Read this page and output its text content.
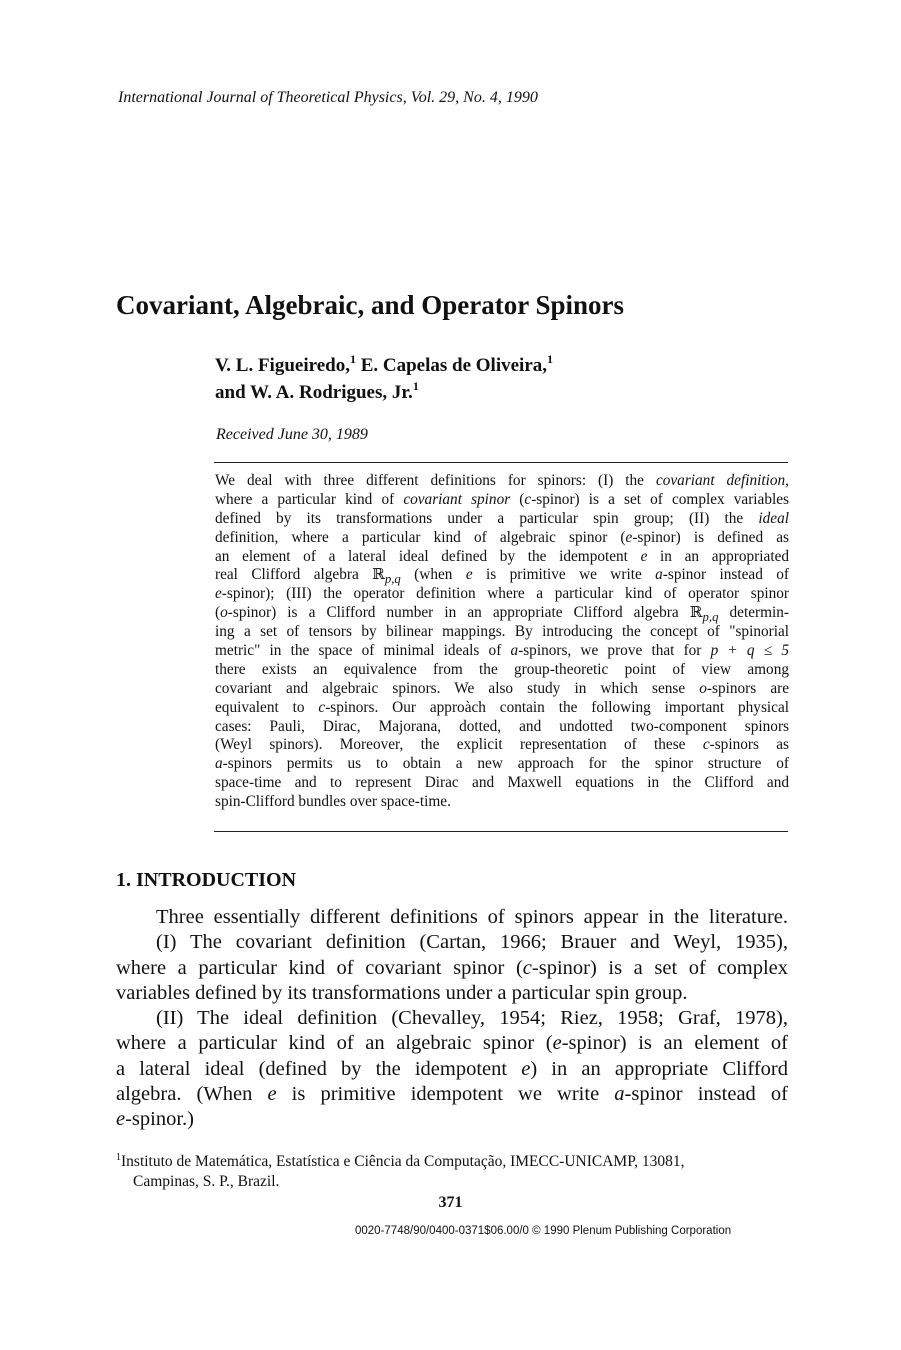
International Journal of Theoretical Physics, Vol. 29, No. 4, 1990
Covariant, Algebraic, and Operator Spinors
V. L. Figueiredo,$^1$ E. Capelas de Oliveira,$^1$
and W. A. Rodrigues, Jr.$^1$
Received June 30, 1989
We deal with three different definitions for spinors: (I) the covariant definition,
where a particular kind of covariant spinor (c-spinor) is a set of complex variables
defined by its transformations under a particular spin group; (II) the ideal
definition, where a particular kind of algebraic spinor (e-spinor) is defined as
an element of a lateral ideal defined by the idempotent e in an appropriated
real Clifford algebra ℝ$_{p,q}$ (when e is primitive we write a-spinor instead of
e-spinor); (III) the operator definition where a particular kind of operator spinor
(o-spinor) is a Clifford number in an appropriate Clifford algebra ℝ$_{p,q}$ determin-
ing a set of tensors by bilinear mappings. By introducing the concept of "spinorial
metric" in the space of minimal ideals of a-spinors, we prove that for p + q ≤ 5
there exists an equivalence from the group-theoretic point of view among
covariant and algebraic spinors. We also study in which sense o-spinors are
equivalent to c-spinors. Our approàch contain the following important physical
cases: Pauli, Dirac, Majorana, dotted, and undotted two-component spinors
(Weyl spinors). Moreover, the explicit representation of these c-spinors as
a-spinors permits us to obtain a new approach for the spinor structure of
space-time and to represent Dirac and Maxwell equations in the Clifford and
spin-Clifford bundles over space-time.
1. INTRODUCTION
Three essentially different definitions of spinors appear in the literature.
(I) The covariant definition (Cartan, 1966; Brauer and Weyl, 1935),
where a particular kind of covariant spinor (c-spinor) is a set of complex
variables defined by its transformations under a particular spin group.
(II) The ideal definition (Chevalley, 1954; Riez, 1958; Graf, 1978),
where a particular kind of an algebraic spinor (e-spinor) is an element of
a lateral ideal (defined by the idempotent e) in an appropriate Clifford
algebra. (When e is primitive idempotent we write a-spinor instead of
e-spinor.)
$^1$Instituto de Matemática, Estatística e Ciência da Computação, IMECC-UNICAMP, 13081,
Campinas, S. P., Brazil.
371
0020-7748/90/0400-0371$06.00/0 © 1990 Plenum Publishing Corporation
